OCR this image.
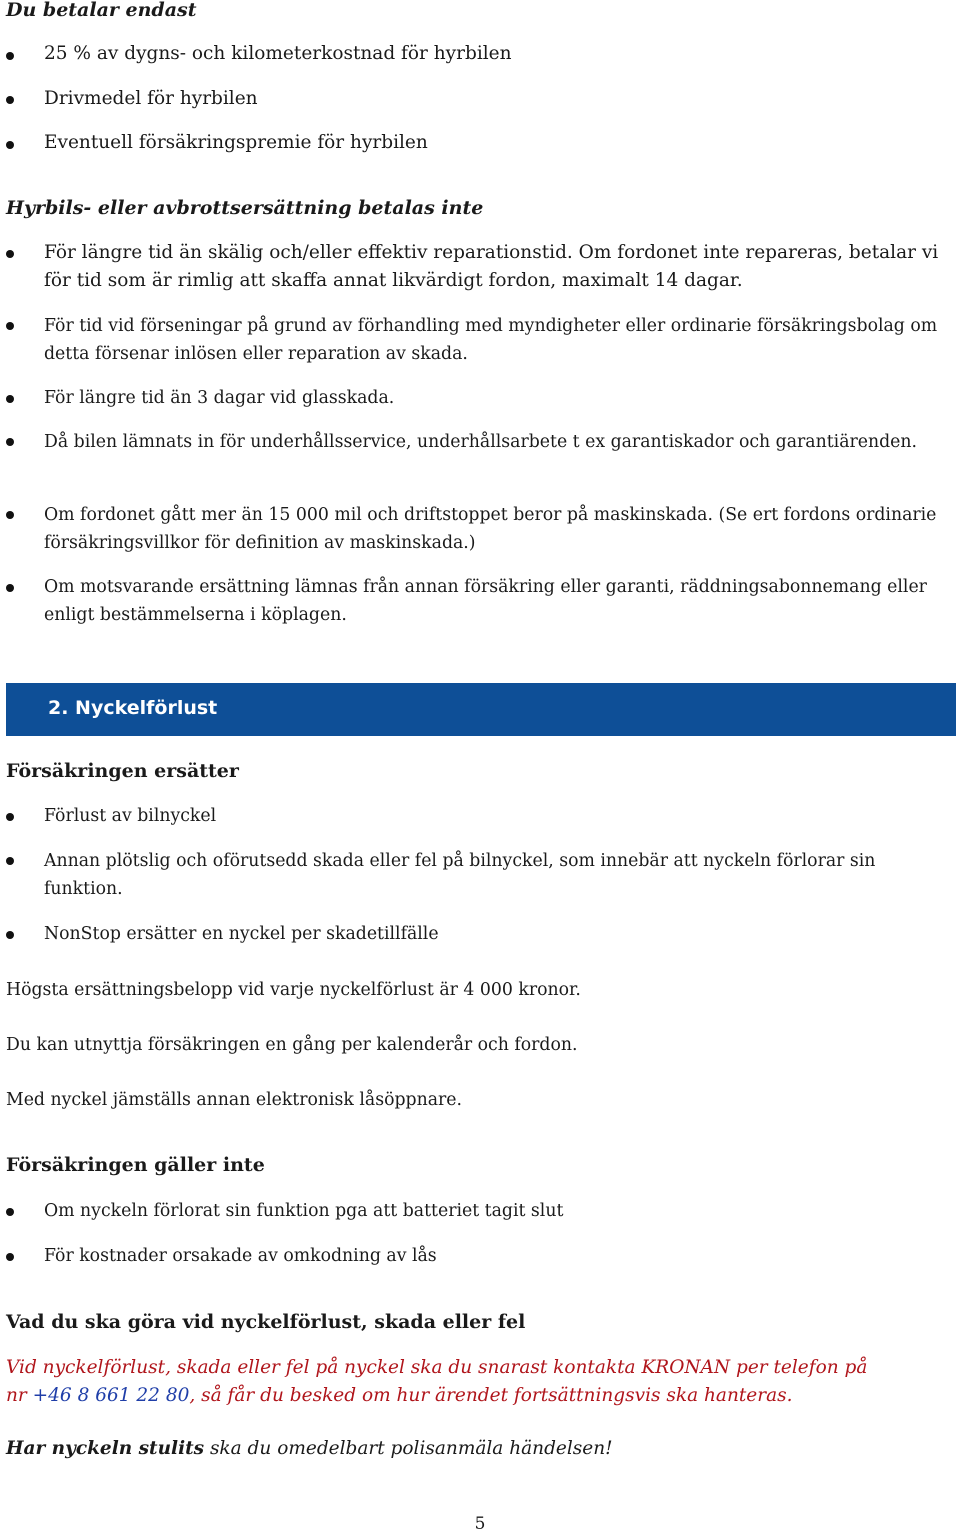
Du betalar endast
25 % av dygns- och kilometerkostnad för hyrbilen
Drivmedel för hyrbilen
Eventuell försäkringspremie för hyrbilen
Hyrbils- eller avbrottsersättning betalas inte
För längre tid än skälig och/eller effektiv reparationstid. Om fordonet inte repareras, betalar vi för tid som är rimlig att skaffa annat likvärdigt fordon, maximalt 14 dagar.
För tid vid förseningar på grund av förhandling med myndigheter eller ordinarie försäkringsbolag om detta försenar inlösen eller reparation av skada.
För längre tid än 3 dagar vid glasskada.
Då bilen lämnats in för underhållsservice, underhållsarbete t ex garantiskador och garantiärenden.
Om fordonet gått mer än 15 000 mil och driftstoppet beror på maskinskada. (Se ert fordons ordinarie försäkringsvillkor för definition av maskinskada.)
Om motsvarande ersättning lämnas från annan försäkring eller garanti, räddningsabonnemang eller enligt bestämmelserna i köplagen.
2. Nyckelförlust
Försäkringen ersätter
Förlust av bilnyckel
Annan plötslig och oförutsedd skada eller fel på bilnyckel, som innebär att nyckeln förlorar sin funktion.
NonStop ersätter en nyckel per skadetillfälle
Högsta ersättningsbelopp vid varje nyckelförlust är 4 000 kronor.
Du kan utnyttja försäkringen en gång per kalenderår och fordon.
Med nyckel jämställs annan elektronisk låsöppnare.
Försäkringen gäller inte
Om nyckeln förlorat sin funktion pga att batteriet tagit slut
För kostnader orsakade av omkodning av lås
Vad du ska göra vid nyckelförlust, skada eller fel
Vid nyckelförlust, skada eller fel på nyckel ska du snarast kontakta KRONAN per telefon på
nr +46 8 661 22 80, så får du besked om hur ärendet fortsättningsvis ska hanteras.
Har nyckeln stulits ska du omedelbart polisanmäla händelsen!
5
